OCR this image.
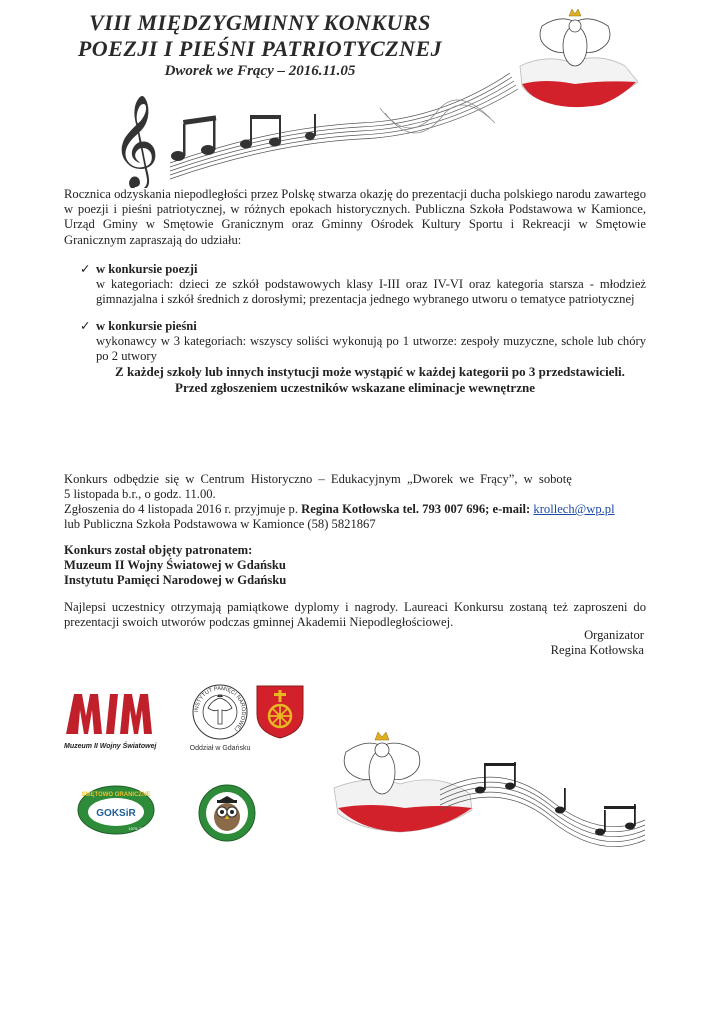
VIII MIĘDZYGMINNY KONKURS
POEZJI I PIEŚNI PATRIOTYCZNEJ
Dworek we Frący – 2016.11.05
𝄞

Rocznica odzyskania niepodległości przez Polskę stwarza okazję do prezentacji ducha polskiego narodu zawartego w poezji i pieśni patriotycznej, w różnych epokach historycznych. Publiczna Szkoła Podstawowa w Kamionce, Urząd Gminy w Smętowie Granicznym oraz Gminny Ośrodek Kultury Sportu i Rekreacji w Smętowie Granicznym zapraszają do udziału:

✓ w konkursie poezji

w kategoriach: dzieci ze szkół podstawowych klasy I-III oraz IV-VI oraz kategoria starsza - młodzież gimnazjalna i szkół średnich z dorosłymi; prezentacja jednego wybranego utworu o tematyce patriotycznej

✓ w konkursie pieśni

wykonawcy w 3 kategoriach: wszyscy soliści wykonują po 1 utworze: zespoły muzyczne, schole lub chóry po 2 utwory

Z każdej szkoły lub innych instytucji może wystąpić w każdej kategorii po 3 przedstawicieli.
Przed zgłoszeniem uczestników wskazane eliminacje wewnętrzne

Konkurs odbędzie się w Centrum Historyczno – Edukacyjnym „Dworek we Frący”, w sobotę

5 listopada b.r., o godz. 11.00.

Zgłoszenia do 4 listopada 2016 r. przyjmuje p. Regina Kotłowska tel. 793 007 696; e-mail: krollech@wp.pl

lub Publiczna Szkoła Podstawowa w Kamionce (58) 5821867

Konkurs został objęty patronatem:

Muzeum II Wojny Światowej w Gdańsku

Instytutu Pamięci Narodowej w Gdańsku

Najlepsi uczestnicy otrzymają pamiątkowe dyplomy i nagrody. Laureaci Konkursu zostaną też zaproszeni do prezentacji swoich utworów podczas gminnej Akademii Niepodległościowej.

Organizator
Regina Kotłowska
Muzeum II Wojny Światowej
INSTYTUT PAMIĘCI NARODOWEJ
Oddział w Gdańsku
SMĘTOWO GRANICZNE
GOKSiR
1975-2015
